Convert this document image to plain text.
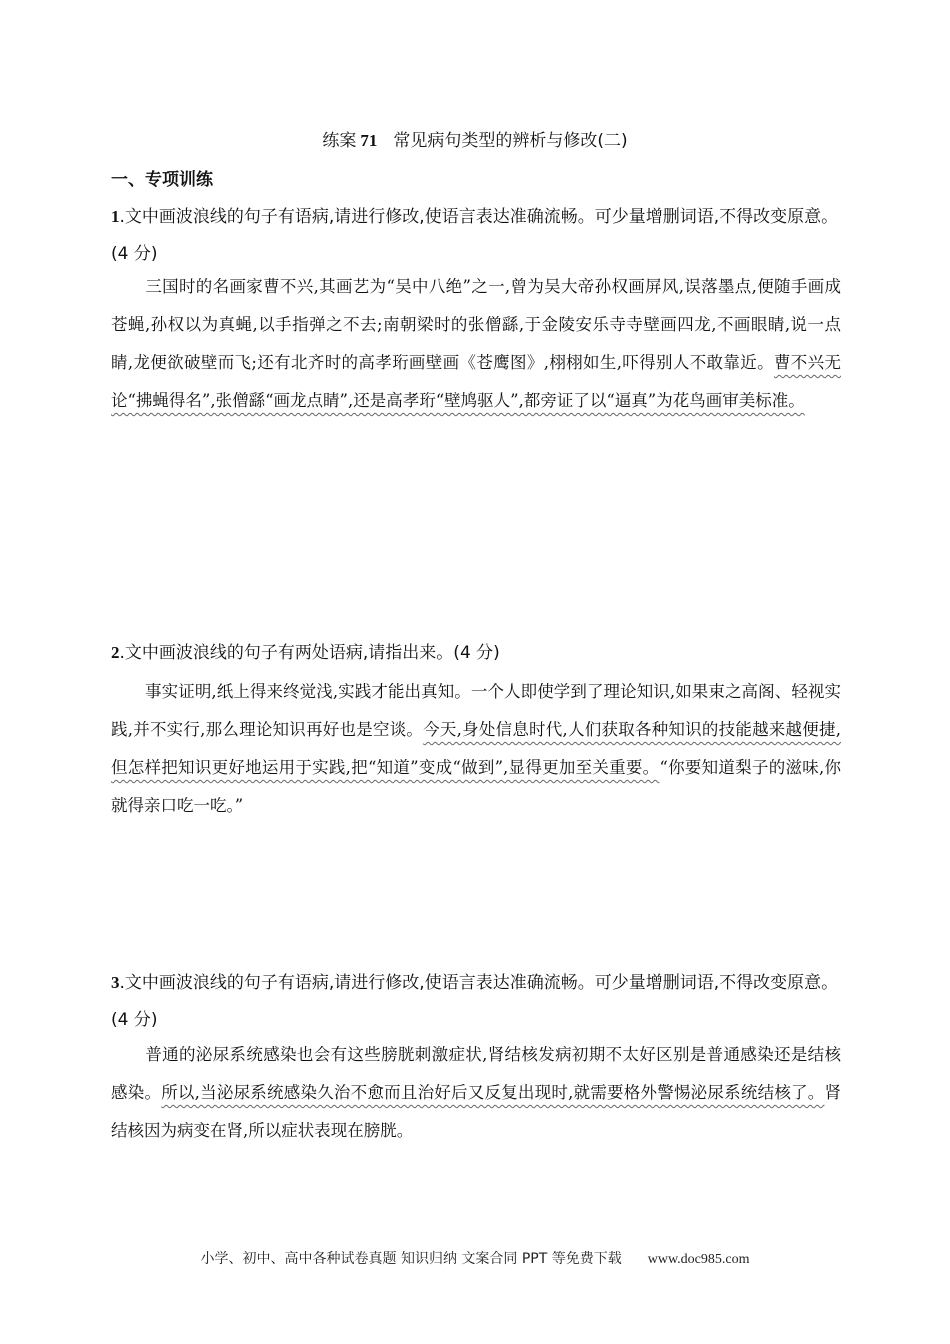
练案 71 常见病句类型的辨析与修改(二)
一、专项训练
1.文中画波浪线的句子有语病,请进行修改,使语言表达准确流畅。可少量增删词语,不得改变原意。(4 分)
三国时的名画家曹不兴,其画艺为“吴中八绝”之一,曾为吴大帝孙权画屏风,误落墨点,便随手画成苍蝇,孙权以为真蝇,以手指弹之不去;南朝梁时的张僧繇,于金陵安乐寺寺壁画四龙,不画眼睛,说一点睛,龙便欲破壁而飞;还有北齐时的高孝珩画壁画《苍鹰图》,栩栩如生,吓得别人不敢靠近。曹不兴无论“拂蝇得名”,张僧繇“画龙点睛”,还是高孝珩“壁鸠驱人”,都旁证了以“逼真”为花鸟画审美标准。
2.文中画波浪线的句子有两处语病,请指出来。(4 分)
事实证明,纸上得来终觉浅,实践才能出真知。一个人即使学到了理论知识,如果束之高阁、轻视实践,并不实行,那么理论知识再好也是空谈。今天,身处信息时代,人们获取各种知识的技能越来越便捷,但怎样把知识更好地运用于实践,把“知道”变成“做到”,显得更加至关重要。“你要知道梨子的滋味,你就得亲口吃一吃。”
3.文中画波浪线的句子有语病,请进行修改,使语言表达准确流畅。可少量增删词语,不得改变原意。(4 分)
普通的泌尿系统感染也会有这些膀胱刺激症状,肾结核发病初期不太好区别是普通感染还是结核感染。所以,当泌尿系统感染久治不愈而且治好后又反复出现时,就需要格外警惕泌尿系统结核了。肾结核因为病变在肾,所以症状表现在膀胱。
小学、初中、高中各种试卷真题 知识归纳 文案合同 PPT 等免费下载 www.doc985.com
